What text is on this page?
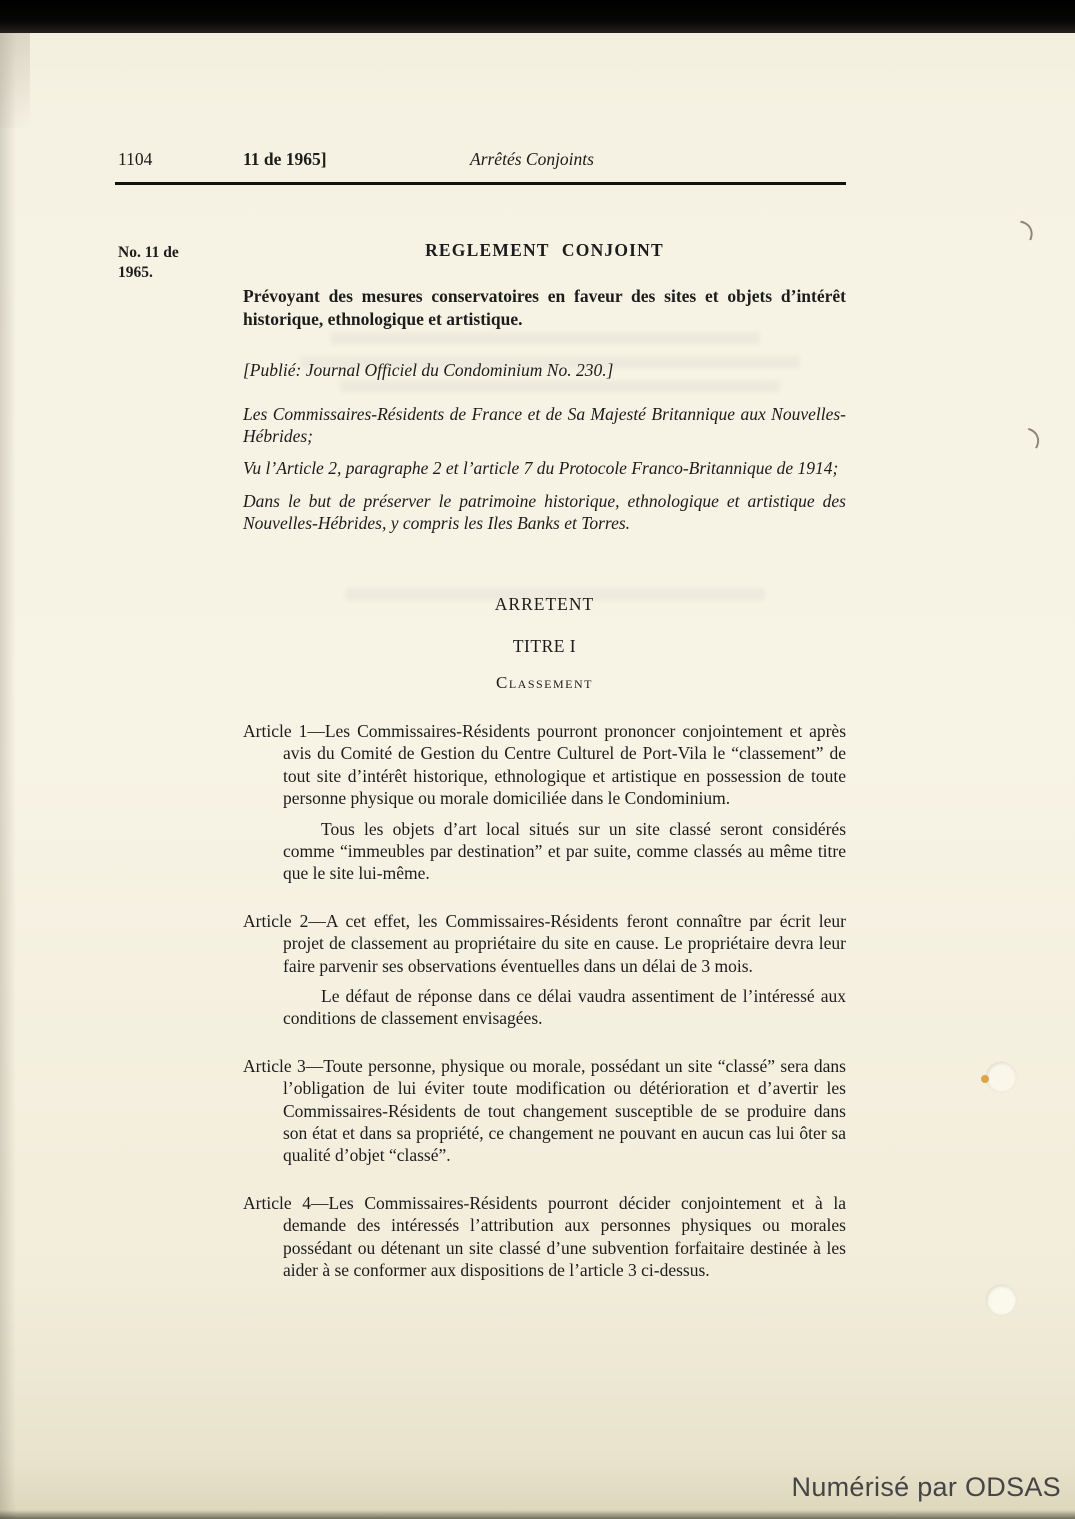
1104	11 de 1965]	Arrêtés Conjoints
No. 11 de 1965.
REGLEMENT CONJOINT
Prévoyant des mesures conservatoires en faveur des sites et objets d’intérêt historique, ethnologique et artistique.
[Publié: Journal Officiel du Condominium No. 230.]

Les Commissaires-Résidents de France et de Sa Majesté Britannique aux Nouvelles-Hébrides;

Vu l’Article 2, paragraphe 2 et l’article 7 du Protocole Franco-Britannique de 1914;

Dans le but de préserver le patrimoine historique, ethnologique et artistique des Nouvelles-Hébrides, y compris les Iles Banks et Torres.

ARRETENT
TITRE I
Classement

Article 1—Les Commissaires-Résidents pourront prononcer conjointement et après avis du Comité de Gestion du Centre Culturel de Port-Vila le “classement” de tout site d’intérêt historique, ethnologique et artistique en possession de toute personne physique ou morale domiciliée dans le Condominium.

Tous les objets d’art local situés sur un site classé seront considérés comme “immeubles par destination” et par suite, comme classés au même titre que le site lui-même.

Article 2—A cet effet, les Commissaires-Résidents feront connaître par écrit leur projet de classement au propriétaire du site en cause. Le propriétaire devra leur faire parvenir ses observations éventuelles dans un délai de 3 mois.

Le défaut de réponse dans ce délai vaudra assentiment de l’intéressé aux conditions de classement envisagées.

Article 3—Toute personne, physique ou morale, possédant un site “classé” sera dans l’obligation de lui éviter toute modification ou détérioration et d’avertir les Commissaires-Résidents de tout changement susceptible de se produire dans son état et dans sa propriété, ce changement ne pouvant en aucun cas lui ôter sa qualité d’objet “classé”.

Article 4—Les Commissaires-Résidents pourront décider conjointement et à la demande des intéressés l’attribution aux personnes physiques ou morales possédant ou détenant un site classé d’une subvention forfaitaire destinée à les aider à se conformer aux dispositions de l’article 3 ci-dessus.

Numérisé par ODSAS
